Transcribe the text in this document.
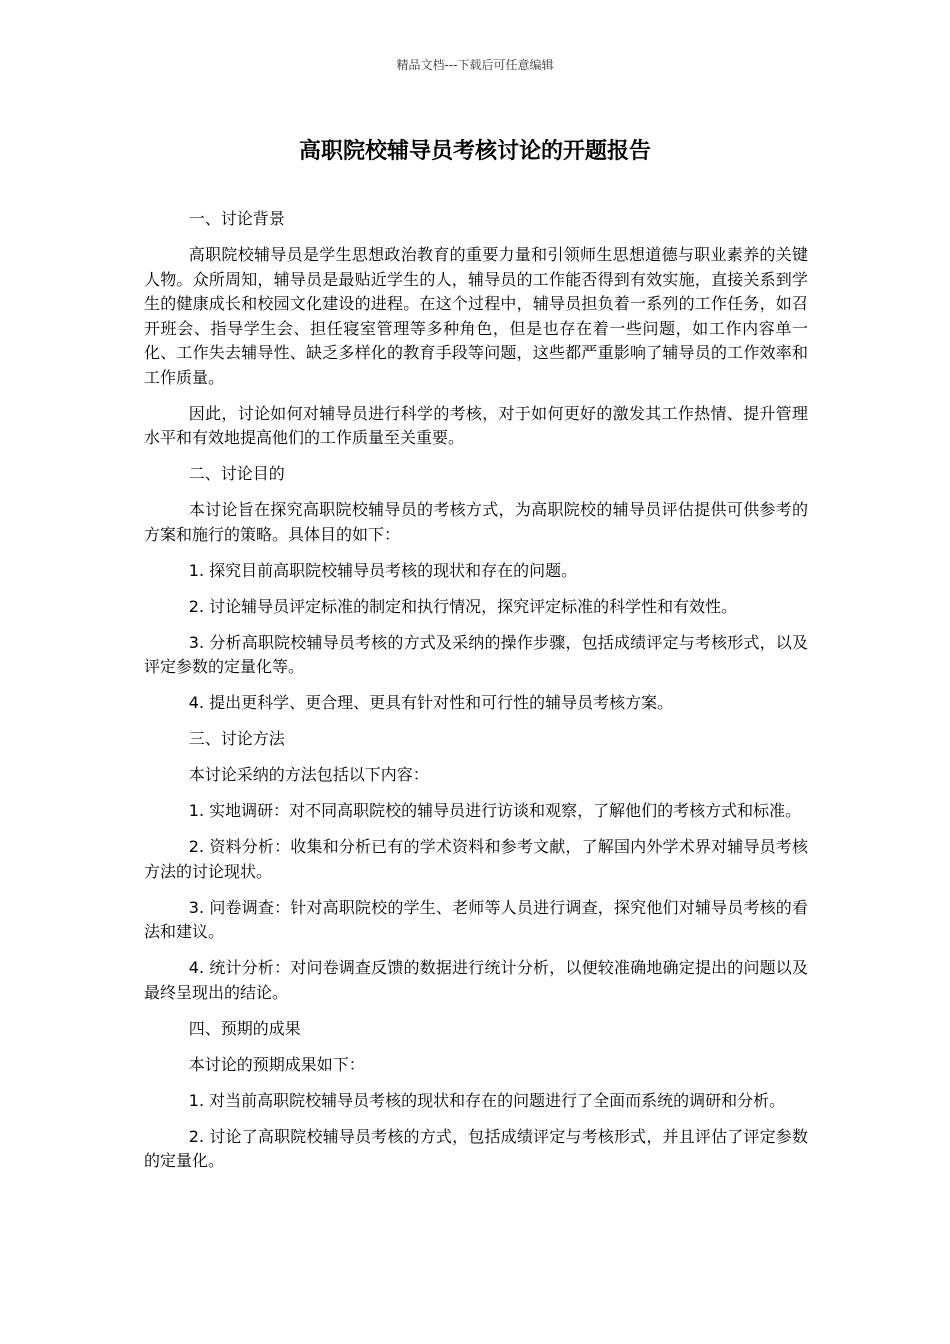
精品文档---下载后可任意编辑
高职院校辅导员考核讨论的开题报告

一、讨论背景

高职院校辅导员是学生思想政治教育的重要力量和引领师生思想道德与职业素养的关键人物。众所周知，辅导员是最贴近学生的人，辅导员的工作能否得到有效实施，直接关系到学生的健康成长和校园文化建设的进程。在这个过程中，辅导员担负着一系列的工作任务，如召开班会、指导学生会、担任寝室管理等多种角色，但是也存在着一些问题，如工作内容单一化、工作失去辅导性、缺乏多样化的教育手段等问题，这些都严重影响了辅导员的工作效率和工作质量。

因此，讨论如何对辅导员进行科学的考核，对于如何更好的激发其工作热情、提升管理水平和有效地提高他们的工作质量至关重要。

二、讨论目的

本讨论旨在探究高职院校辅导员的考核方式，为高职院校的辅导员评估提供可供参考的方案和施行的策略。具体目的如下：

1. 探究目前高职院校辅导员考核的现状和存在的问题。

2. 讨论辅导员评定标准的制定和执行情况，探究评定标准的科学性和有效性。

3. 分析高职院校辅导员考核的方式及采纳的操作步骤，包括成绩评定与考核形式，以及评定参数的定量化等。

4. 提出更科学、更合理、更具有针对性和可行性的辅导员考核方案。

三、讨论方法

本讨论采纳的方法包括以下内容：

1. 实地调研：对不同高职院校的辅导员进行访谈和观察，了解他们的考核方式和标准。

2. 资料分析：收集和分析已有的学术资料和参考文献，了解国内外学术界对辅导员考核方法的讨论现状。

3. 问卷调查：针对高职院校的学生、老师等人员进行调查，探究他们对辅导员考核的看法和建议。

4. 统计分析：对问卷调查反馈的数据进行统计分析，以便较准确地确定提出的问题以及最终呈现出的结论。

四、预期的成果

本讨论的预期成果如下：

1. 对当前高职院校辅导员考核的现状和存在的问题进行了全面而系统的调研和分析。

2. 讨论了高职院校辅导员考核的方式，包括成绩评定与考核形式，并且评估了评定参数的定量化。
